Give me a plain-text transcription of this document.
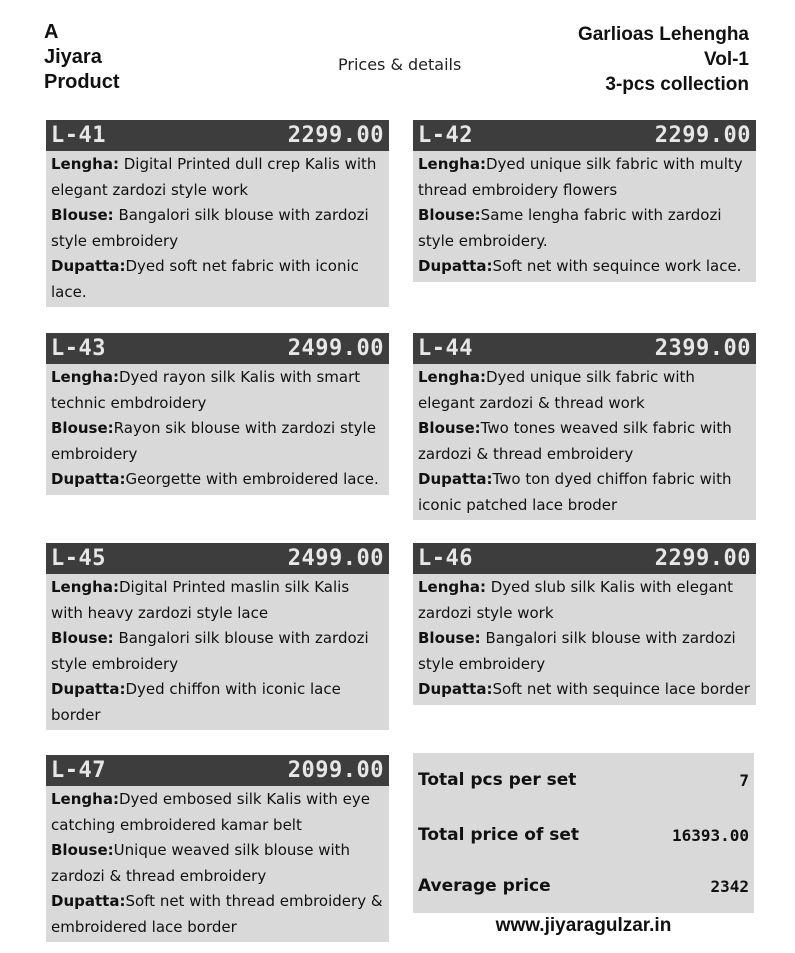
A
Jiyara
Product
Prices & details
Garlioas Lehengha
Vol-1
3-pcs collection
L-41	2299.00
Lengha: Digital Printed dull crep Kalis with elegant zardozi style work
Blouse: Bangalori silk blouse with zardozi style embroidery
Dupatta:Dyed soft net fabric with iconic lace.
L-42	2299.00
Lengha:Dyed unique silk fabric with multy thread embroidery flowers
Blouse:Same lengha fabric with zardozi style embroidery.
Dupatta:Soft net with sequince work lace.
L-43	2499.00
Lengha:Dyed rayon silk Kalis with smart technic embdroidery
Blouse:Rayon sik blouse with zardozi style embroidery
Dupatta:Georgette with embroidered lace.
L-44	2399.00
Lengha:Dyed unique silk fabric with elegant zardozi & thread work
Blouse:Two tones weaved silk fabric with zardozi & thread embroidery
Dupatta:Two ton dyed chiffon fabric with iconic patched lace broder
L-45	2499.00
Lengha:Digital Printed maslin silk Kalis with heavy zardozi style lace
Blouse: Bangalori silk blouse with zardozi style embroidery
Dupatta:Dyed chiffon with iconic lace border
L-46	2299.00
Lengha: Dyed slub silk Kalis with elegant zardozi style work
Blouse: Bangalori silk blouse with zardozi style embroidery
Dupatta:Soft net with sequince lace border
L-47	2099.00
Lengha:Dyed embosed silk Kalis with eye catching embroidered kamar belt
Blouse:Unique weaved silk blouse with zardozi & thread embroidery
Dupatta:Soft net with thread embroidery & embroidered lace border
Total pcs per set	7
Total price of set	16393.00
Average price	2342
www.jiyaragulzar.in
